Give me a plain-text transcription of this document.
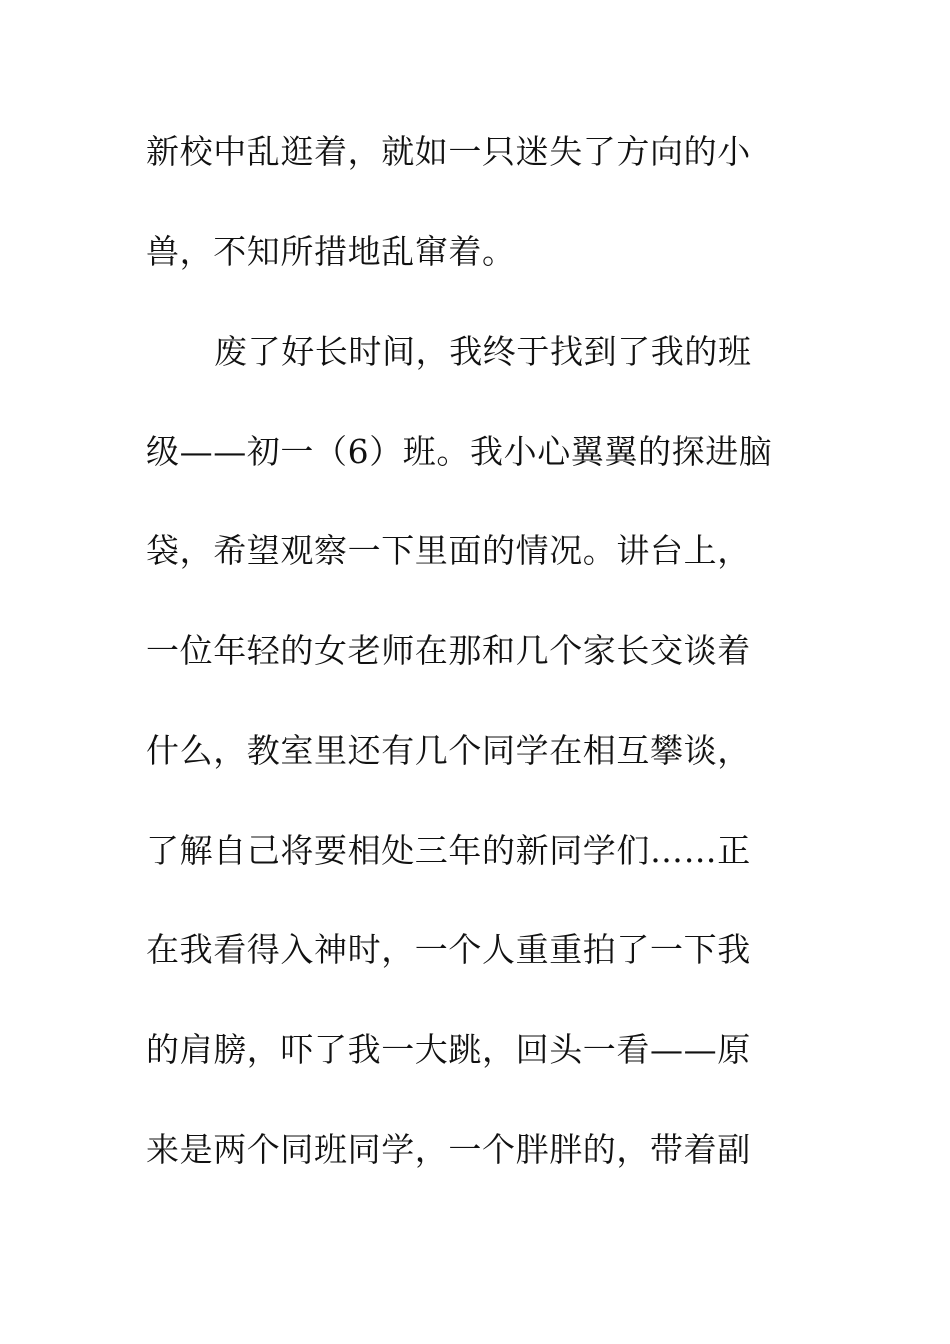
新校中乱逛着，就如一只迷失了方向的小

兽，不知所措地乱窜着。

废了好长时间，我终于找到了我的班

级——初一（6）班。我小心翼翼的探进脑

袋，希望观察一下里面的情况。讲台上，

一位年轻的女老师在那和几个家长交谈着

什么，教室里还有几个同学在相互攀谈，

了解自己将要相处三年的新同学们……正

在我看得入神时，一个人重重拍了一下我

的肩膀，吓了我一大跳，回头一看——原

来是两个同班同学，一个胖胖的，带着副
